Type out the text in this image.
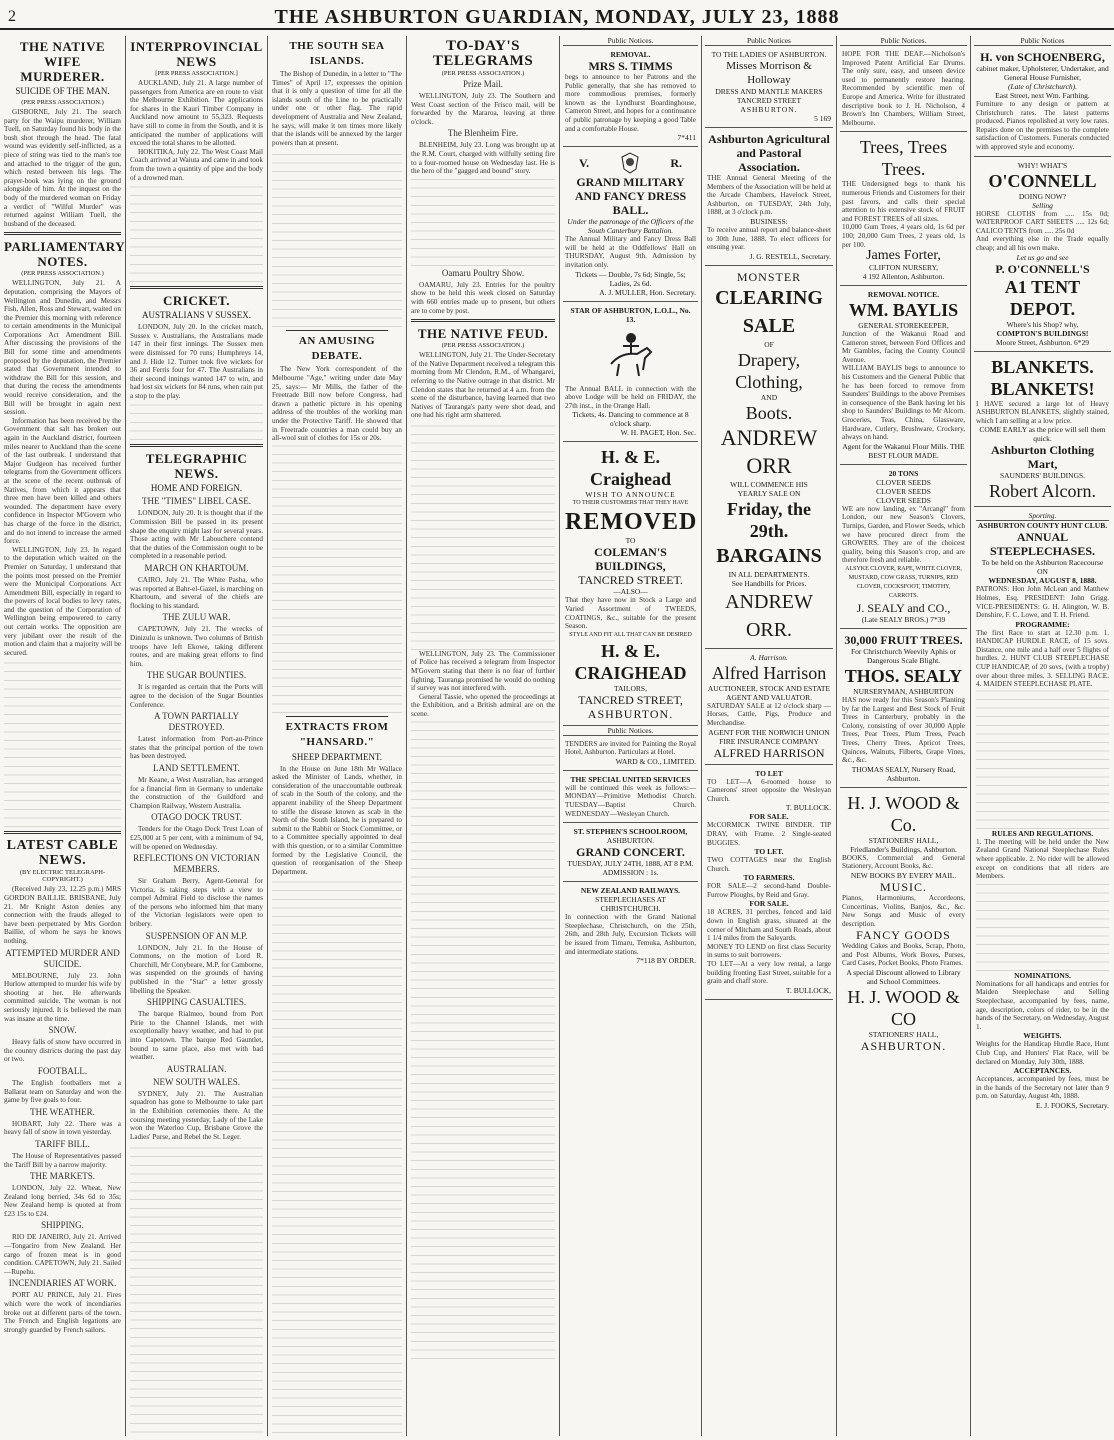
2	THE ASHBURTON GUARDIAN, MONDAY, JULY 23, 1888
THE NATIVE WIFE MURDERER.
SUICIDE OF THE MAN.
(PER PRESS ASSOCIATION.)

GISBORNE, July 21. The search party for the Waipu murderer, William Tuell, on Saturday found his body in the bush shot through the head. The fatal wound was evidently self-inflicted, as a piece of string was tied to the man's toe and attached to the trigger of the gun, which rested between his legs. The prayer-book was lying on the ground alongside of him. At the inquest on the body of the murdered woman on Friday a verdict of "Wilful Murder" was returned against William Tuell, the husband of the deceased.

PARLIAMENTARY NOTES.
(PER PRESS ASSOCIATION.)

WELLINGTON, July 21. A deputation, comprising the Mayors of Wellington and Dunedin, and Messrs Fish, Allen, Ross and Stewart, waited on the Premier this morning with reference to certain amendments in the Municipal Corporations Act Amendment Bill. After discussing the provisions of the Bill for some time and amendments proposed by the deputation, the Premier stated that Government intended to withdraw the Bill for this session, and that during the recess the amendments would receive consideration, and the Bill will be brought in again next session.

Information has been received by the Government that salt has broken out again in the Auckland district, fourteen miles nearer to Auckland than the scene of the last outbreak. I understand that Major Gudgeon has received further telegrams from the Government officers at the scene of the recent outbreak of Natives, from which it appears that three men have been killed and others wounded. The department have every confidence in Inspector M'Govern who has charge of the force in the district, and do not intend to increase the armed force.

WELLINGTON, July 23. In regard to the deputation which waited on the Premier on Saturday, I understand that the points most pressed on the Premier were the Municipal Corporations Act Amendment Bill, especially in regard to the powers of local bodies to levy rates, and the question of the Corporation of Wellington being empowered to carry out certain works. The opposition are very jubilant over the result of the motion and claim that a majority will be secured.

LATEST CABLE NEWS.
(BY ELECTRIC TELEGRAPH-COPYRIGHT.)

(Received July 23, 12.25 p.m.) MRS GORDON BAILLIE. BRISBANE, July 21. Mr Knight Aston denies any connection with the frauds alleged to have been perpetrated by Mrs Gordon Baillie, of whom he says he knows nothing.

ATTEMPTED MURDER AND SUICIDE.

MELBOURNE, July 23. John Hurlow attempted to murder his wife by shooting at her. He afterwards committed suicide. The woman is not seriously injured. It is believed the man was insane at the time.

SNOW.

Heavy falls of snow have occurred in the country districts during the past day or two.

FOOTBALL.

The English footballers met a Ballarat team on Saturday and won the game by five goals to four.

THE WEATHER.

HOBART, July 22. There was a heavy fall of snow in town yesterday.

TARIFF BILL.

The House of Representatives passed the Tariff Bill by a narrow majority.

THE MARKETS.

LONDON, July 22. Wheat, New Zealand long berried, 34s 6d to 35s; New Zealand hemp is quoted at from £23 15s to £24.

SHIPPING.

RIO DE JANEIRO, July 21. Arrived—Tongariro from New Zealand. Her cargo of frozen meat is in good condition. CAPETOWN, July 21. Sailed—Rupehu.

INCENDIARIES AT WORK.

PORT AU PRINCE, July 21. Fires which were the work of incendiaries broke out at different parts of the town. The French and English legations are strongly guarded by French sailors.

INTERPROVINCIAL NEWS
[PER PRESS ASSOCIATION.]

AUCKLAND, July 21. A large number of passengers from America are en route to visit the Melbourne Exhibition. The applications for shares in the Kauri Timber Company in Auckland now amount to 55,323. Requests have still to come in from the South, and it is anticipated the number of applications will exceed the total shares to be allotted.

HOKITIKA, July 22. The West Coast Mail Coach arrived at Waiuta and came in and took from the town a quantity of pipe and the body of a drowned man.

CRICKET.
AUSTRALIANS V SUSSEX.

LONDON, July 20. In the cricket match, Sussex v. Australians, the Australians made 147 in their first innings. The Sussex men were dismissed for 70 runs; Humphreys 14, and J. Hide 12. Turner took five wickets for 36 and Ferris four for 47. The Australians in their second innings wanted 147 to win, and had lost six wickets for 84 runs, when rain put a stop to the play.

TELEGRAPHIC NEWS.
HOME AND FOREIGN.
THE "TIMES" LIBEL CASE.

LONDON, July 20. It is thought that if the Commission Bill be passed in its present shape the enquiry might last for several years. Those acting with Mr Labouchere contend that the duties of the Commission ought to be completed in a reasonable period.

MARCH ON KHARTOUM.

CAIRO, July 21. The White Pasha, who was reported at Bahr-el-Gazel, is marching on Khartoum, and several of the chiefs are flocking to his standard.

THE ZULU WAR.

CAPETOWN, July 21. The wrecks of Dinizulu is unknown. Two columns of British troops have left Ekowe, taking different routes, and are making great efforts to find him.

THE SUGAR BOUNTIES.

It is regarded as certain that the Ports will agree to the decision of the Sugar Bounties Conference.

A TOWN PARTIALLY DESTROYED.

Latest information from Port-au-Prince states that the principal portion of the town has been destroyed.

LAND SETTLEMENT.

Mr Keane, a West Australian, has arranged for a financial firm in Germany to undertake the construction of the Guildford and Champion Railway, Western Australia.

OTAGO DOCK TRUST.

Tenders for the Otago Dock Trust Loan of £25,000 at 5 per cent, with a minimum of 94, will be opened on Wednesday.

REFLECTIONS ON VICTORIAN MEMBERS.

Sir Graham Berry, Agent-General for Victoria, is taking steps with a view to compel Admiral Field to disclose the names of the persons who informed him that many of the Victorian legislators were open to bribery.

SUSPENSION OF AN M.P.

LONDON, July 21. In the House of Commons, on the motion of Lord R. Churchill, Mr Conybeare, M.P. for Camborne, was suspended on the grounds of having published in the "Star" a letter grossly libelling the Speaker.

SHIPPING CASUALTIES.

The barque Rialmeo, bound from Port Pirie to the Channel Islands, met with exceptionally heavy weather, and had to put into Capetown. The barque Red Gauntlet, bound to same place, also met with bad weather.

AUSTRALIAN.
NEW SOUTH WALES.

SYDNEY, July 21. The Australian squadron has gone to Melbourne to take part in the Exhibition ceremonies there. At the coursing meeting yesterday, Lady of the Lake won the Waterloo Cup, Brisbane Grove the Ladies' Purse, and Rebel the St. Leger.

THE SOUTH SEA ISLANDS.

The Bishop of Dunedin, in a letter to "The Times" of April 17, expresses the opinion that it is only a question of time for all the islands south of the Line to be practically under one or other flag. The rapid development of Australia and New Zealand, he says, will make it ten times more likely that the islands will be annexed by the larger powers than at present.

AN AMUSING DEBATE.

The New York correspondent of the Melbourne "Age," writing under date May 25, says:— Mr Mills, the father of the Freetrade Bill now before Congress, had drawn a pathetic picture in his opening address of the troubles of the working man under the Protective Tariff. He showed that in Freetrade countries a man could buy an all-wool suit of clothes for 15s or 20s.

EXTRACTS FROM "HANSARD."
SHEEP DEPARTMENT.

In the House on June 18th Mr Wallace asked the Minister of Lands, whether, in consideration of the unaccountable outbreak of scab in the South of the colony, and the apparent inability of the Sheep Department to stifle the disease known as scab in the North of the South Island, he is prepared to submit to the Rabbit or Stock Committee, or to a Committee specially appointed to deal with this question, or to a similar Committee formed by the Legislative Council, the question of reorganisation of the Sheep Department.

TO-DAY'S TELEGRAMS
(PER PRESS ASSOCIATION.)
Prize Mail.

WELLINGTON, July 23. The Southern and West Coast section of the Frisco mail, will be forwarded by the Mararoa, leaving at three o'clock.

The Blenheim Fire.

BLENHEIM, July 23. Long was brought up at the R.M. Court, charged with wilfully setting fire to a four-roomed house on Wednesday last. He is the hero of the "gagged and bound" story.

Oamaru Poultry Show.

OAMARU, July 23. Entries for the poultry show to be held this week closed on Saturday with 660 entries made up to present, but others are to come by post.

THE NATIVE FEUD.
(PER PRESS ASSOCIATION.)

WELLINGTON, July 21. The Under-Secretary of the Native Department received a telegram this morning from Mr Clendon, R.M., of Whangarei, referring to the Native outrage in that district. Mr Clendon states that he returned at 4 a.m. from the scene of the disturbance, having learned that two Natives of Tauranga's party were shot dead, and one had his right arm shattered.

WELLINGTON, July 23. The Commissioner of Police has received a telegram from Inspector M'Govern stating that there is no fear of further fighting. Tauranga promised he would do nothing if survey was not interfered with.

General Tassie, who opened the proceedings at the Exhibition, and a British admiral are on the scene.

Public Notices.
REMOVAL.
MRS S. TIMMS
begs to announce to her Patrons and the Public generally, that she has removed to more commodious premises, formerly known as the Lyndhurst Boardinghouse, Cameron Street, and hopes for a continuance of public patronage by keeping a good Table and a comfortable House.
7*411
V.	R.
GRAND MILITARY AND FANCY DRESS BALL.
Under the patronage of the Officers of the South Canterbury Battalion.
The Annual Military and Fancy Dress Ball will be held at the Oddfellows' Hall on THURSDAY, August 9th. Admission by invitation only.
Tickets — Double, 7s 6d; Single, 5s; Ladies, 2s 6d.
A. J. MULLER, Hon. Secretary.
STAR OF ASHBURTON, L.O.L., No. 13.
The Annual BALL in connection with the above Lodge will be held on FRIDAY, the 27th inst., in the Orange Hall.
Tickets, 4s. Dancing to commence at 8 o'clock sharp.
W. H. PAGET, Hon. Sec.
H. & E. Craighead
WISH TO ANNOUNCE
TO THEIR CUSTOMERS THAT THEY HAVE
REMOVED
TO
COLEMAN'S BUILDINGS,
TANCRED STREET.
—ALSO—
That they have now in Stock a Large and Varied Assortment of TWEEDS, COATINGS, &c., suitable for the present Season.
STYLE AND FIT ALL THAT CAN BE DESIRED
H. & E. CRAIGHEAD
TAILORS,
TANCRED STREET,
ASHBURTON.
Public Notices.
TENDERS are invited for Painting the Royal Hotel, Ashburton. Particulars at Hotel.
WARD & CO., LIMITED.
THE SPECIAL UNITED SERVICES
will be continued this week as follows:—MONDAY—Primitive Methodist Church. TUESDAY—Baptist Church. WEDNESDAY—Wesleyan Church.
ST. STEPHEN'S SCHOOLROOM,
ASHBURTON.
GRAND CONCERT.
TUESDAY, JULY 24TH, 1888, AT 8 P.M.
ADMISSION : 1s.
NEW ZEALAND RAILWAYS.
STEEPLECHASES AT CHRISTCHURCH.
In connection with the Grand National Steeplechase, Christchurch, on the 25th, 26th, and 28th July, Excursion Tickets will be issued from Timaru, Temuka, Ashburton, and intermediate stations.
7*118 BY ORDER.
Public Notices
TO THE LADIES OF ASHBURTON.
Misses Morrison & Holloway
DRESS AND MANTLE MAKERS
TANCRED STREET
ASHBURTON.
5 169
Ashburton Agricultural and Pastoral Association.
THE Annual General Meeting of the Members of the Association will be held at the Arcade Chambers, Havelock Street, Ashburton, on TUESDAY, 24th July, 1888, at 3 o'clock p.m.
BUSINESS:
To receive annual report and balance-sheet to 30th June, 1888. To elect officers for ensuing year.
J. G. RESTELL, Secretary.
MONSTER
CLEARING SALE
OF
Drapery, Clothing,
AND
Boots.
ANDREW ORR
WILL COMMENCE HIS
YEARLY SALE ON
Friday, the 29th.
BARGAINS
IN ALL DEPARTMENTS.
See Handbills for Prices.
ANDREW ORR.
A. Harrison.
Alfred Harrison
AUCTIONEER, STOCK AND ESTATE AGENT AND VALUATOR.
SATURDAY SALE at 12 o'clock sharp — Horses, Cattle, Pigs, Produce and Merchandise.
AGENT FOR THE NORWICH UNION FIRE INSURANCE COMPANY
ALFRED HARRISON
TO LET
TO LET—A 6-roomed house to Camerons' street opposite the Wesleyan Church.
T. BULLOCK.
FOR SALE.
McCORMICK TWINE BINDER. TIP DRAY, with Frame. 2 Single-seated BUGGIES.
TO LET.
TWO COTTAGES near the English Church.
TO FARMERS.
FOR SALE—2 second-hand Double-Furrow Ploughs, by Reid and Gray.
FOR SALE.
18 ACRES, 31 perches, fenced and laid down in English grass, situated at the corner of Mitcham and South Roads, about 1 1/4 miles from the Saleyards.
MONEY TO LEND on first class Security in sums to suit borrowers.
TO LET—At a very low rental, a large building fronting East Street, suitable for a grain and chaff store.
T. BULLOCK,
Public Notices.
HOPE FOR THE DEAF.—Nicholson's Improved Patent Artificial Ear Drums. The only sure, easy, and unseen device used to permanently restore hearing. Recommended by scientific men of Europe and America. Write for illustrated descriptive book to J. H. Nicholson, 4 Brown's Inn Chambers, William Street, Melbourne.
Trees, Trees Trees.
THE Undersigned begs to thank his numerous Friends and Customers for their past favors, and calls their special attention to his extensive stock of FRUIT and FOREST TREES of all sizes.
10,000 Gum Trees, 4 years old, 1s 6d per 100; 20,000 Gum Trees, 2 years old, 1s per 100.
James Forter,
CLIFTON NURSERY,
4 192 Allenton, Ashburton.
REMOVAL NOTICE.
WM. BAYLIS
GENERAL STOREKEEPER,
Junction of the Wakanui Road and Cameron street, between Ford Offices and Mr Gambles, facing the County Council Avenue.
WILLIAM BAYLIS begs to announce to his Customers and the General Public that he has been forced to remove from Saunders' Buildings to the above Premises in consequence of the Bank having let his shop to Saunders' Buildings to Mr Alcorn. Groceries, Teas, China, Glassware, Hardware, Cutlery, Brushware, Crockery, always on hand.
Agent for the Wakanui Flour Mills. THE BEST FLOUR MADE.
20 TONS
CLOVER SEEDS
CLOVER SEEDS
CLOVER SEEDS
WE are now landing, ex "Arcangl" from London, our new Season's Clovers, Turnips, Garden, and Flower Seeds, which we have procured direct from the GROWERS. They are of the choicest quality, being this Season's crop, and are therefore fresh and reliable.
ALSYKE CLOVER, RAPE, WHITE CLOVER, MUSTARD, COW GRASS, TURNIPS, RED CLOVER, COCKSFOOT, TIMOTHY, CARROTS.
J. SEALY and CO.,
(Late SEALY BROS.) 7*39
30,000 FRUIT TREES.
For Christchurch Weevily Aphis or Dangerous Scale Blight.
THOS. SEALY
NURSERYMAN, ASHBURTON
HAS now ready for this Season's Planting by far the Largest and Best Stock of Fruit Trees in Canterbury, probably in the Colony, consisting of over 30,000 Apple Trees, Pear Trees, Plum Trees, Peach Trees, Cherry Trees, Apricot Trees, Quinces, Walnuts, Filberts, Grape Vines, &c., &c.
THOMAS SEALY, Nursery Road, Ashburton.
H. J. WOOD & Co.
STATIONERS' HALL,
Friedlander's Buildings, Ashburton.
BOOKS, Commercial and General Stationery, Account Books, &c.
NEW BOOKS BY EVERY MAIL.
MUSIC.
Pianos, Harmoniums, Accordeons, Concertinas, Violins, Banjos, &c., &c. New Songs and Music of every description.
FANCY GOODS
Wedding Cakes and Books, Scrap, Photo, and Post Albums, Work Boxes, Purses, Card Cases, Pocket Books, Photo Frames.
A special Discount allowed to Library and School Committees.
H. J. WOOD & CO
STATIONERS' HALL,
ASHBURTON.
Public Notices
H. von SCHOENBERG,
cabinet maker, Upholsterer, Undertaker, and General House Furnisher,
(Late of Christchurch).
East Street, next Wm. Farthing.
Furniture to any design or pattern at Christchurch rates. The latest patterns produced. Pianos repolished at very low rates. Repairs done on the premises to the complete satisfaction of Customers. Funerals conducted with approved style and economy.
WHY! WHAT'S
O'CONNELL
DOING NOW?
Selling
HORSE CLOTHS from ..... 15s 0d; WATERPROOF CART SHEETS ..... 12s 6d; CALICO TENTS from ..... 25s 0d
And everything else in the Trade equally cheap; and all his own make.
Let us go and see
P. O'CONNELL'S
A1 TENT DEPOT.
Where's his Shop? why,
COMPTON'S BUILDINGS!
Moore Street, Ashburton. 6*29
BLANKETS.
BLANKETS!
I HAVE secured a large lot of Heavy ASHBURTON BLANKETS, slightly stained, which I am selling at a low price.
COME EARLY as the price will sell them quick.
Ashburton Clothing Mart,
SAUNDERS' BUILDINGS.
Robert Alcorn.
Sporting.
ASHBURTON COUNTY HUNT CLUB.
ANNUAL STEEPLECHASES.
To be held on the Ashburton Racecourse
ON
WEDNESDAY, AUGUST 8, 1888.
PATRONS: Hon John McLean and Matthew Holmes, Esq. PRESIDENT: John Grigg. VICE-PRESIDENTS: G. H. Alington, W. B. Denshire, F. C. Lowe, and T. H. Friend.
PROGRAMME:
The first Race to start at 12.30 p.m. 1. HANDICAP HURDLE RACE, of 15 sovs. Distance, one mile and a half over 5 flights of hurdles. 2. HUNT CLUB STEEPLECHASE CUP HANDICAP, of 20 sovs, (with a trophy) over about three miles. 3. SELLING RACE. 4. MAIDEN STEEPLECHASE PLATE.
RULES AND REGULATIONS.
1. The meeting will be held under the New Zealand Grand National Steeplechase Rules where applicable. 2. No rider will be allowed except on conditions that all riders are Members.
NOMINATIONS.
Nominations for all handicaps and entries for Maiden Steeplechase and Selling Steeplechase, accompanied by fees, name, age, description, colors of rider, to be in the hands of the Secretary, on Wednesday, August 1.
WEIGHTS.
Weights for the Handicap Hurdle Race, Hunt Club Cup, and Hunters' Flat Race, will be declared on Monday, July 30th, 1888.
ACCEPTANCES.
Acceptances, accompanied by fees, must be in the hands of the Secretary not later than 9 p.m. on Saturday, August 4th, 1888.
E. J. FOOKS, Secretary.
